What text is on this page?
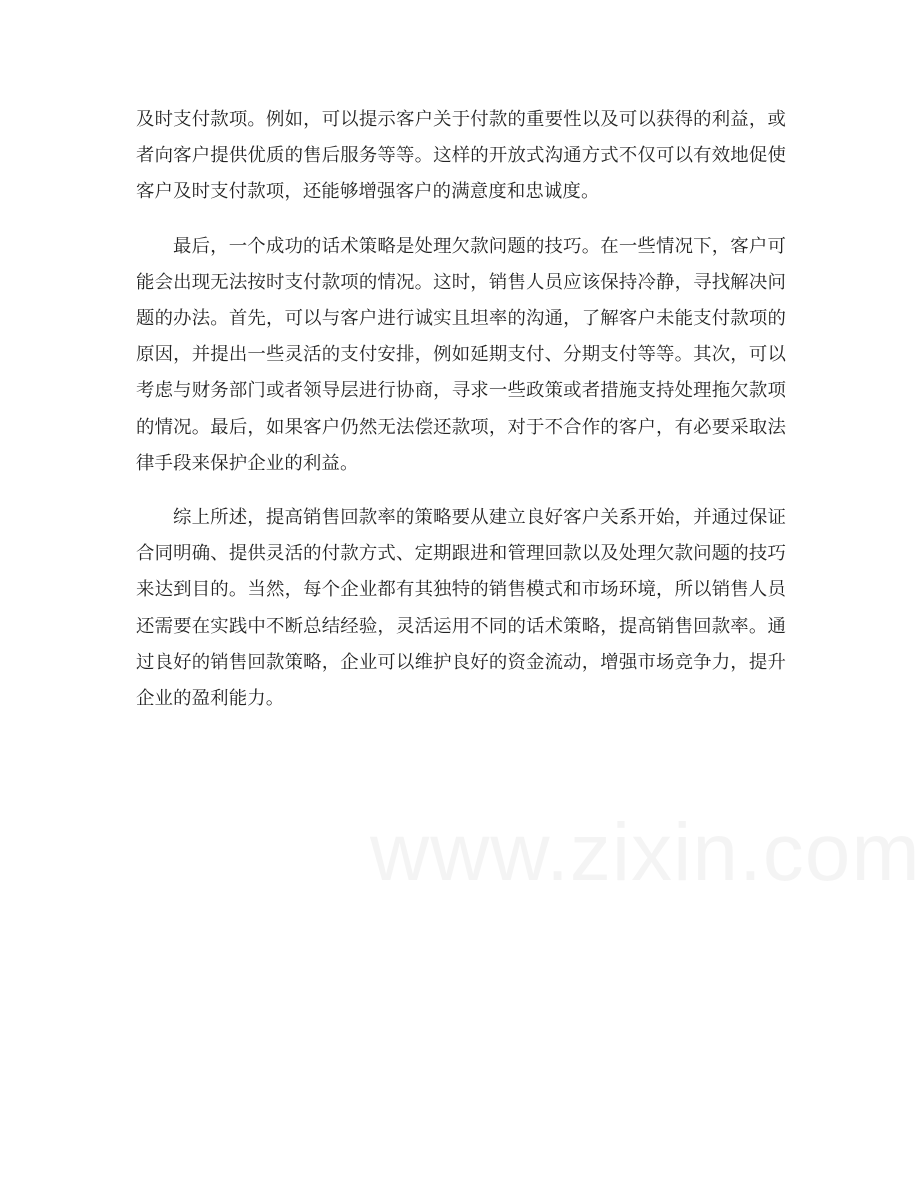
及时支付款项。例如，可以提示客户关于付款的重要性以及可以获得的利益，或者向客户提供优质的售后服务等等。这样的开放式沟通方式不仅可以有效地促使客户及时支付款项，还能够增强客户的满意度和忠诚度。

最后，一个成功的话术策略是处理欠款问题的技巧。在一些情况下，客户可能会出现无法按时支付款项的情况。这时，销售人员应该保持冷静，寻找解决问题的办法。首先，可以与客户进行诚实且坦率的沟通，了解客户未能支付款项的原因，并提出一些灵活的支付安排，例如延期支付、分期支付等等。其次，可以考虑与财务部门或者领导层进行协商，寻求一些政策或者措施支持处理拖欠款项的情况。最后，如果客户仍然无法偿还款项，对于不合作的客户，有必要采取法律手段来保护企业的利益。

综上所述，提高销售回款率的策略要从建立良好客户关系开始，并通过保证合同明确、提供灵活的付款方式、定期跟进和管理回款以及处理欠款问题的技巧来达到目的。当然，每个企业都有其独特的销售模式和市场环境，所以销售人员还需要在实践中不断总结经验，灵活运用不同的话术策略，提高销售回款率。通过良好的销售回款策略，企业可以维护良好的资金流动，增强市场竞争力，提升企业的盈利能力。
